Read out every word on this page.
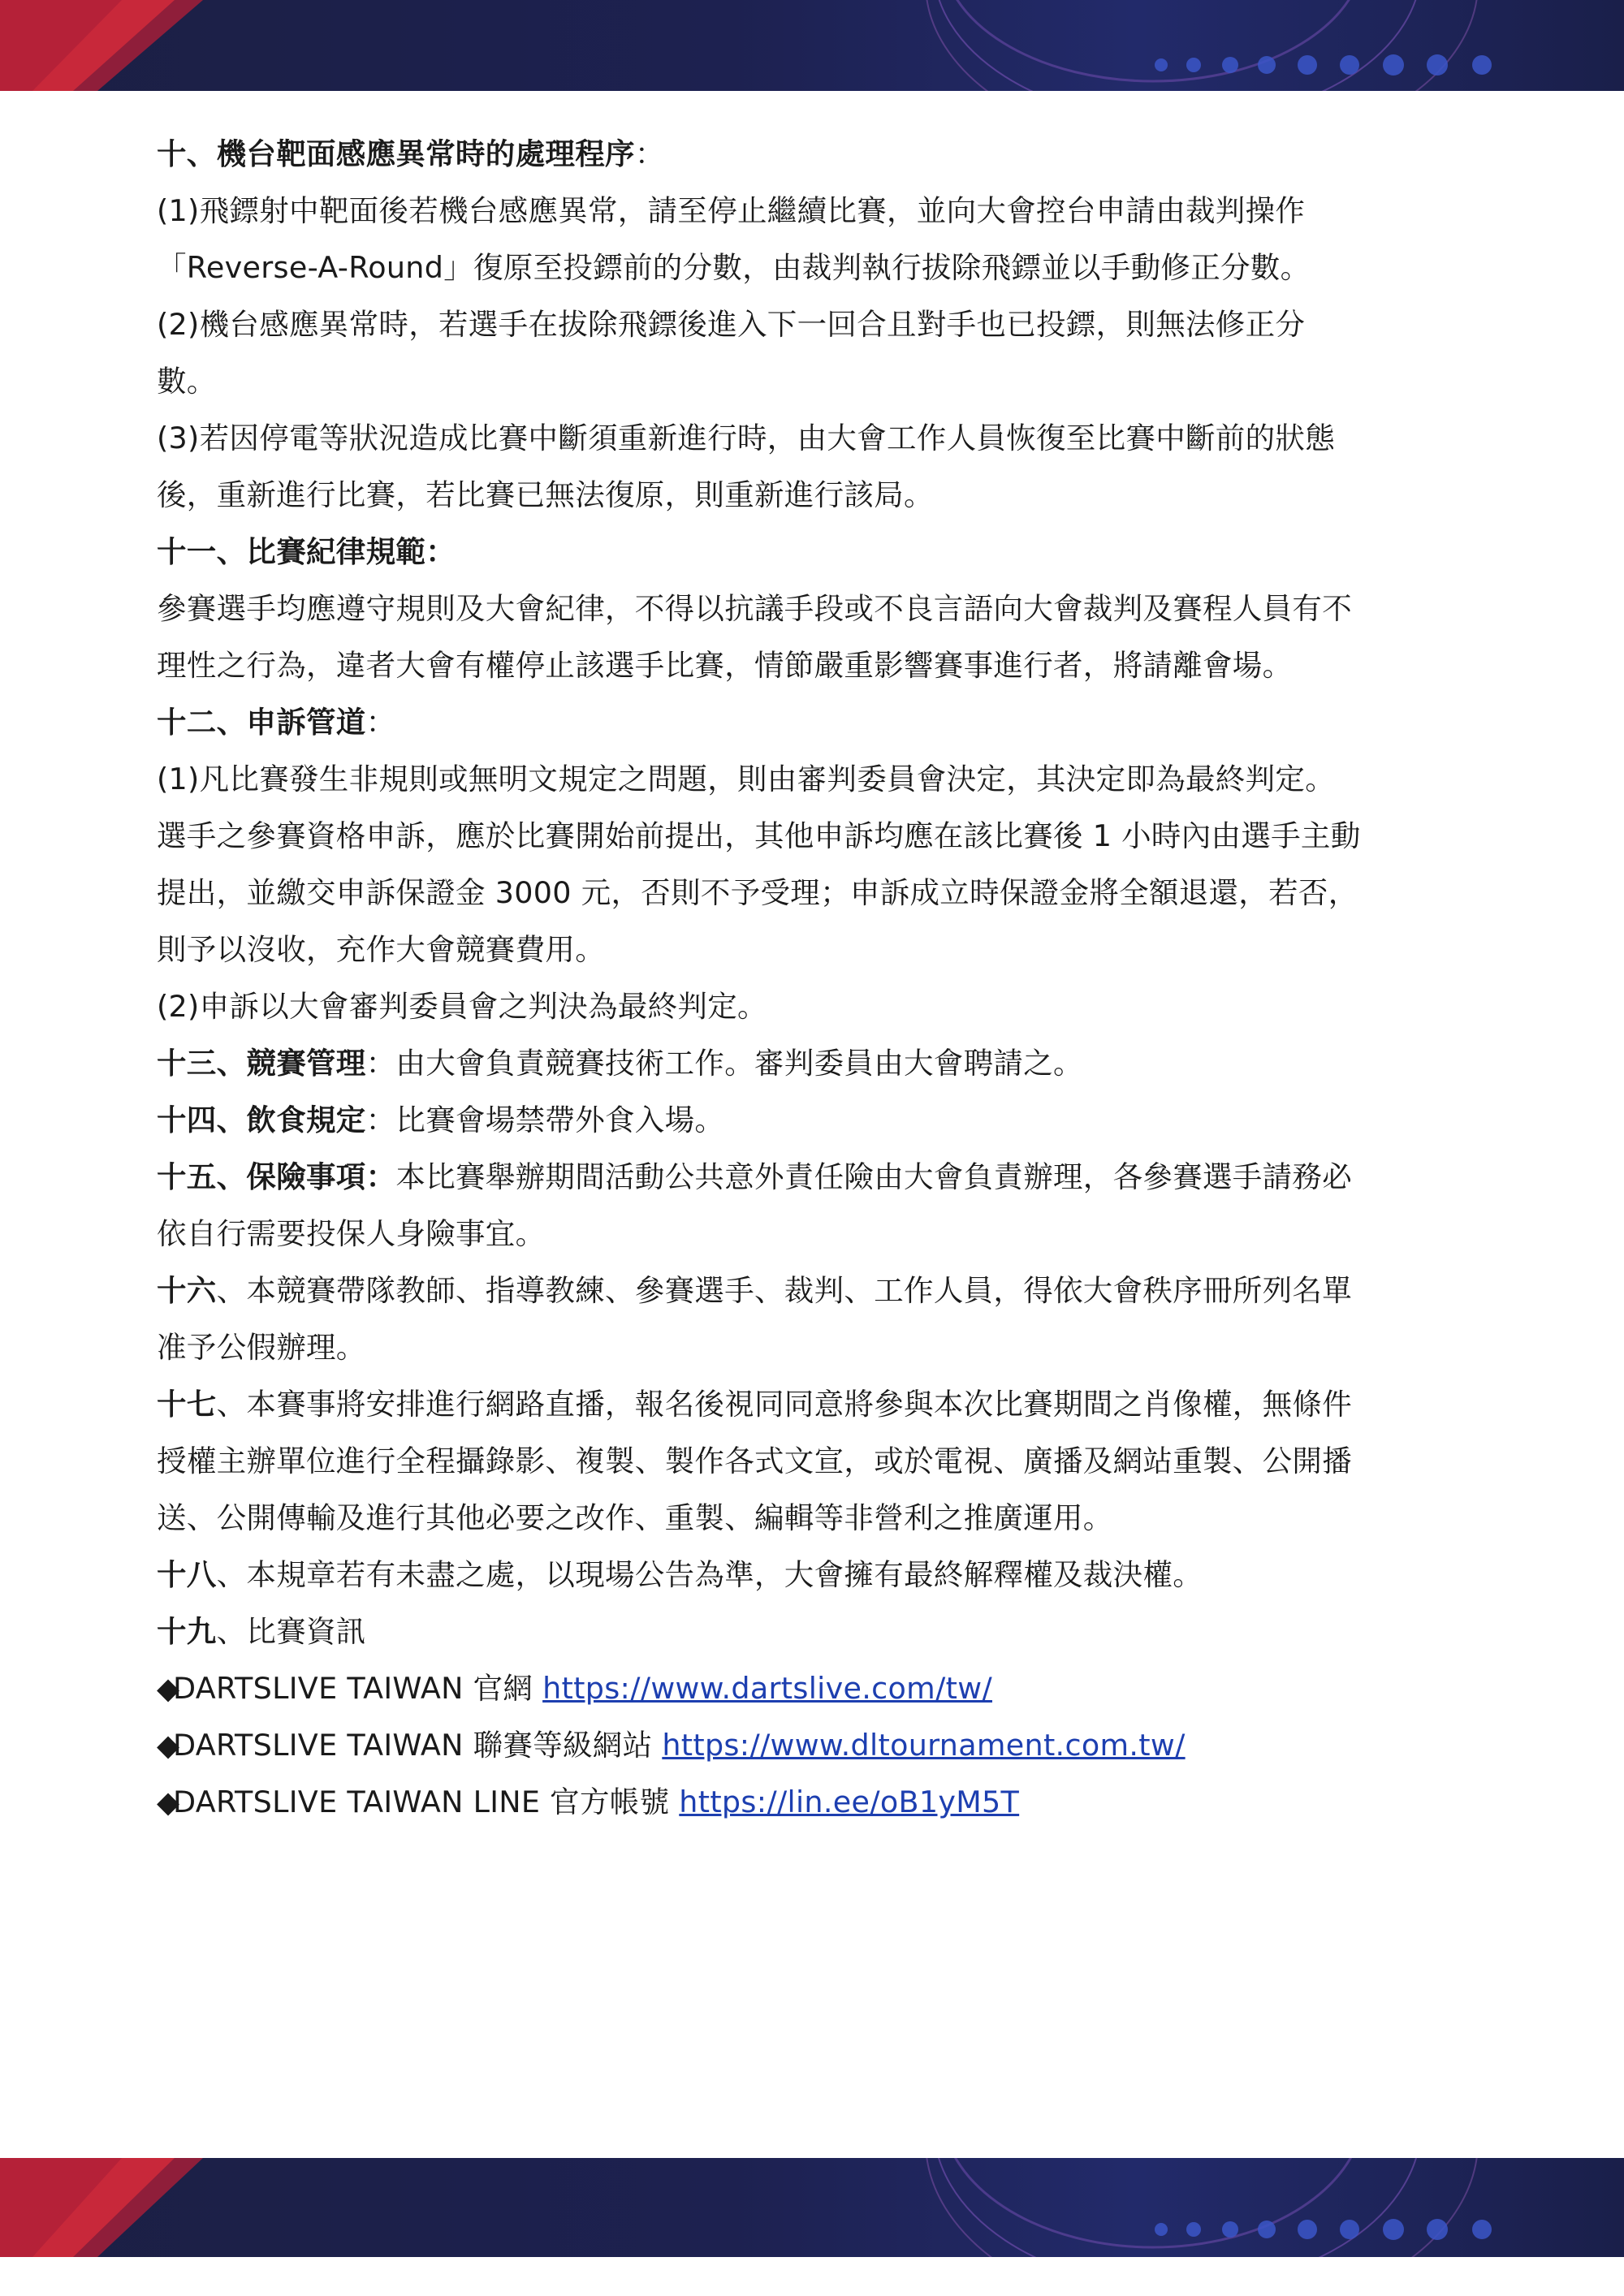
十、機台靶面感應異常時的處理程序：

(1)飛鏢射中靶面後若機台感應異常，請至停止繼續比賽，並向大會控台申請由裁判操作

「Reverse-A-Round」復原至投鏢前的分數，由裁判執行拔除飛鏢並以手動修正分數。

(2)機台感應異常時，若選手在拔除飛鏢後進入下一回合且對手也已投鏢，則無法修正分

數。

(3)若因停電等狀況造成比賽中斷須重新進行時，由大會工作人員恢復至比賽中斷前的狀態

後，重新進行比賽，若比賽已無法復原，則重新進行該局。

十一、比賽紀律規範：

參賽選手均應遵守規則及大會紀律，不得以抗議手段或不良言語向大會裁判及賽程人員有不

理性之行為，違者大會有權停止該選手比賽，情節嚴重影響賽事進行者，將請離會場。

十二、申訴管道：

(1)凡比賽發生非規則或無明文規定之問題，則由審判委員會決定，其決定即為最終判定。

選手之參賽資格申訴，應於比賽開始前提出，其他申訴均應在該比賽後 1 小時內由選手主動

提出，並繳交申訴保證金 3000 元，否則不予受理；申訴成立時保證金將全額退還，若否，

則予以沒收，充作大會競賽費用。

(2)申訴以大會審判委員會之判決為最終判定。

十三、競賽管理：由大會負責競賽技術工作。審判委員由大會聘請之。

十四、飲食規定：比賽會場禁帶外食入場。

十五、保險事項：本比賽舉辦期間活動公共意外責任險由大會負責辦理，各參賽選手請務必

依自行需要投保人身險事宜。

十六、本競賽帶隊教師、指導教練、參賽選手、裁判、工作人員，得依大會秩序冊所列名單

准予公假辦理。

十七、本賽事將安排進行網路直播，報名後視同同意將參與本次比賽期間之肖像權，無條件

授權主辦單位進行全程攝錄影、複製、製作各式文宣，或於電視、廣播及網站重製、公開播

送、公開傳輸及進行其他必要之改作、重製、編輯等非營利之推廣運用。

十八、本規章若有未盡之處，以現場公告為準，大會擁有最終解釋權及裁決權。

十九、比賽資訊

◆DARTSLIVE TAIWAN 官網 https://www.dartslive.com/tw/

◆DARTSLIVE TAIWAN 聯賽等級網站 https://www.dltournament.com.tw/

◆DARTSLIVE TAIWAN LINE 官方帳號 https://lin.ee/oB1yM5T
